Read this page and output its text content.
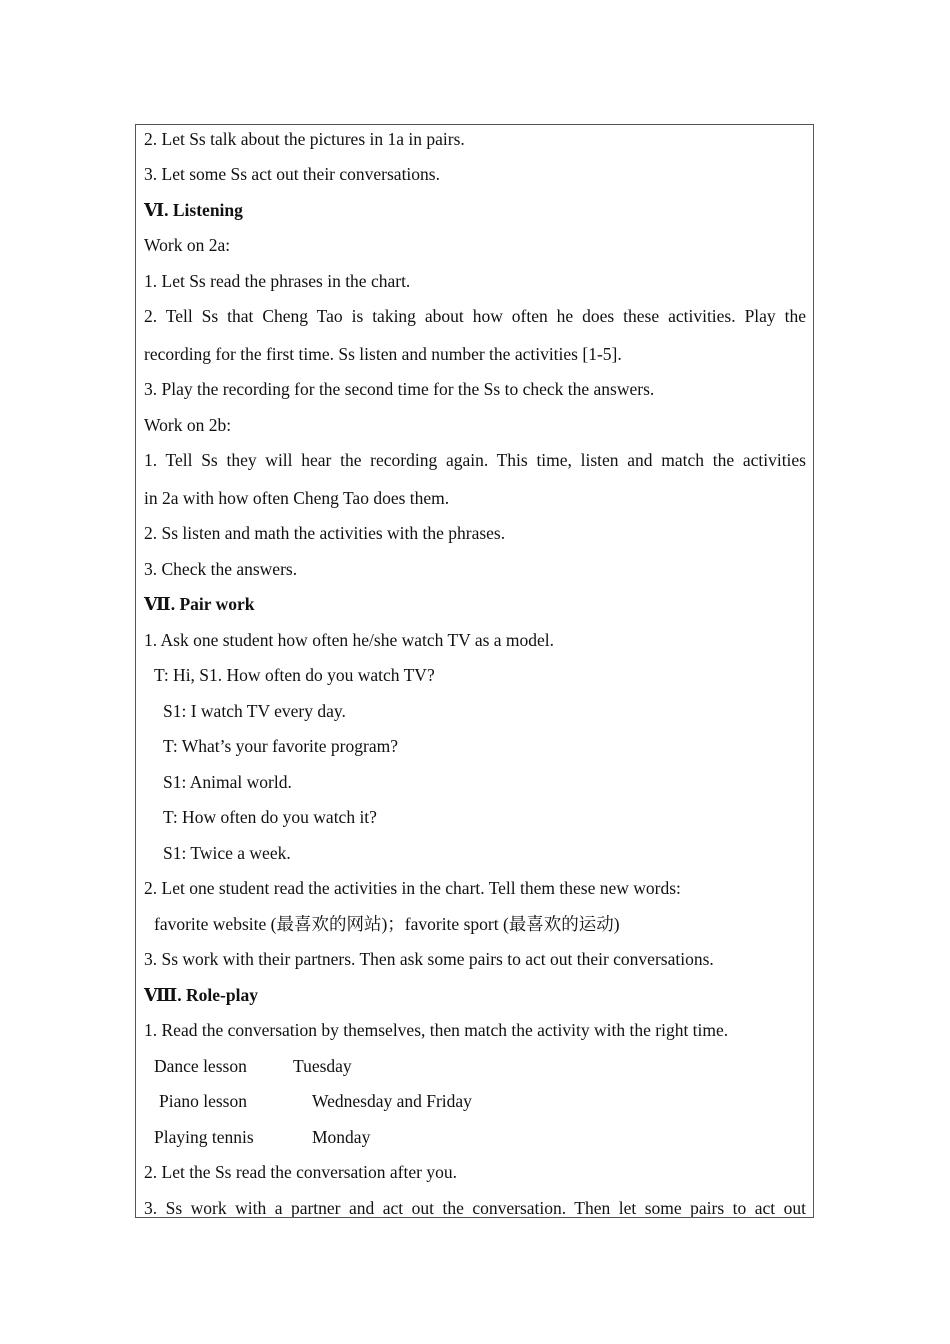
2. Let Ss talk about the pictures in 1a in pairs.
3. Let some Ss act out their conversations.
Ⅵ. Listening
Work on 2a:
1. Let Ss read the phrases in the chart.
2. Tell Ss that Cheng Tao is taking about how often he does these activities. Play the
recording for the first time. Ss listen and number the activities [1-5].
3. Play the recording for the second time for the Ss to check the answers.
Work on 2b:
1. Tell Ss they will hear the recording again. This time, listen and match the activities
in 2a with how often Cheng Tao does them.
2. Ss listen and math the activities with the phrases.
3. Check the answers.
Ⅶ. Pair work
1. Ask one student how often he/she watch TV as a model.
T: Hi, S1. How often do you watch TV?
S1: I watch TV every day.
T: What’s your favorite program?
S1: Animal world.
T: How often do you watch it?
S1: Twice a week.
2. Let one student read the activities in the chart. Tell them these new words:
favorite website (最喜欢的网站)；favorite sport (最喜欢的运动)
3. Ss work with their partners. Then ask some pairs to act out their conversations.
Ⅷ. Role-play
1. Read the conversation by themselves, then match the activity with the right time.
Dance lesson	Tuesday
Piano lesson	Wednesday and Friday
Playing tennis	Monday
2. Let the Ss read the conversation after you.
3. Ss work with a partner and act out the conversation. Then let some pairs to act out
